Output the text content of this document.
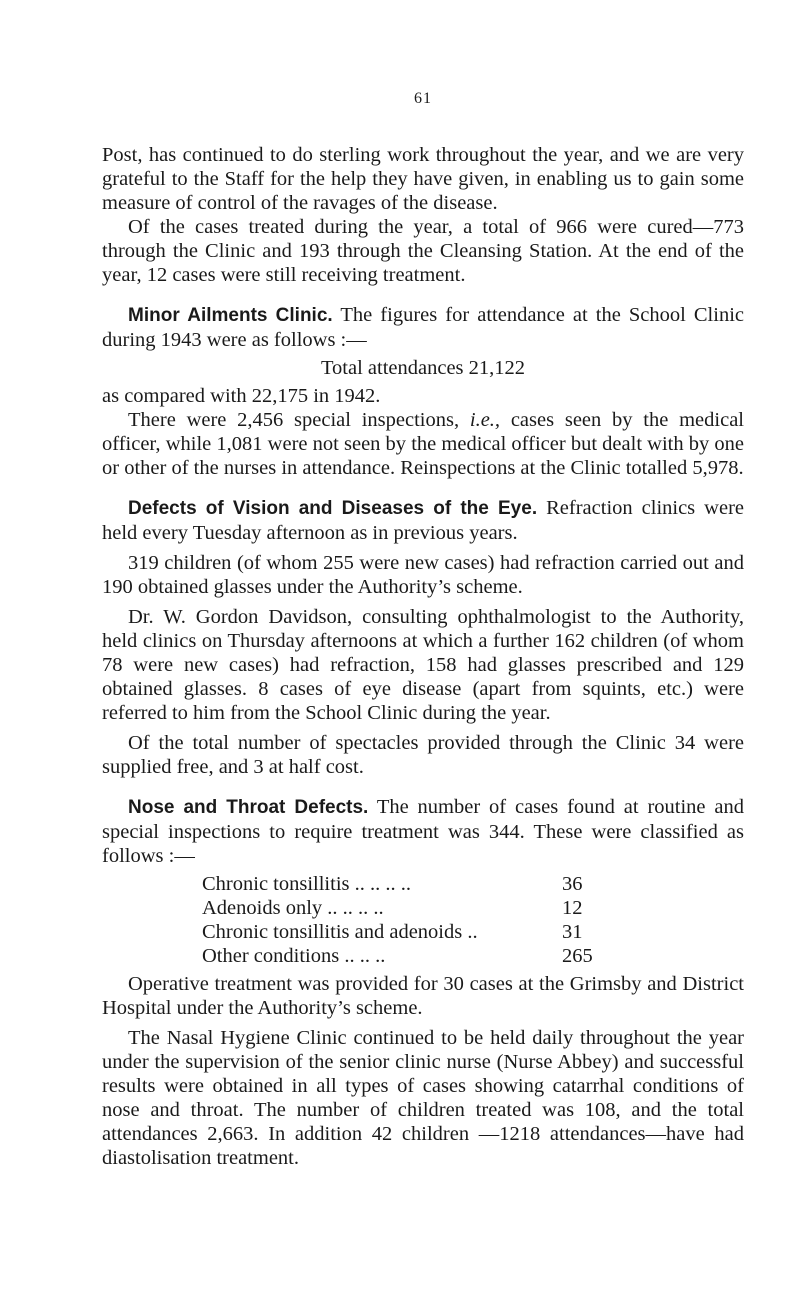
61

Post, has continued to do sterling work throughout the year, and we are very grateful to the Staff for the help they have given, in enabling us to gain some measure of control of the ravages of the disease.

Of the cases treated during the year, a total of 966 were cured—773 through the Clinic and 193 through the Cleansing Station. At the end of the year, 12 cases were still receiving treatment.

Minor Ailments Clinic. The figures for attendance at the School Clinic during 1943 were as follows :—

Total attendances 21,122

as compared with 22,175 in 1942.

There were 2,456 special inspections, i.e., cases seen by the medical officer, while 1,081 were not seen by the medical officer but dealt with by one or other of the nurses in attendance. Reinspections at the Clinic totalled 5,978.

Defects of Vision and Diseases of the Eye. Refraction clinics were held every Tuesday afternoon as in previous years.

319 children (of whom 255 were new cases) had refraction carried out and 190 obtained glasses under the Authority’s scheme.

Dr. W. Gordon Davidson, consulting ophthalmologist to the Authority, held clinics on Thursday afternoons at which a further 162 children (of whom 78 were new cases) had refraction, 158 had glasses prescribed and 129 obtained glasses. 8 cases of eye disease (apart from squints, etc.) were referred to him from the School Clinic during the year.

Of the total number of spectacles provided through the Clinic 34 were supplied free, and 3 at half cost.

Nose and Throat Defects. The number of cases found at routine and special inspections to require treatment was 344. These were classified as follows :—

Chronic tonsillitis .. .. .. ..	36
Adenoids only .. .. .. ..	12
Chronic tonsillitis and adenoids ..	31
Other conditions .. .. ..	265

Operative treatment was provided for 30 cases at the Grimsby and District Hospital under the Authority’s scheme.

The Nasal Hygiene Clinic continued to be held daily throughout the year under the supervision of the senior clinic nurse (Nurse Abbey) and successful results were obtained in all types of cases showing catarrhal conditions of nose and throat. The number of children treated was 108, and the total attendances 2,663. In addition 42 children —1218 attendances—have had diastolisation treatment.
